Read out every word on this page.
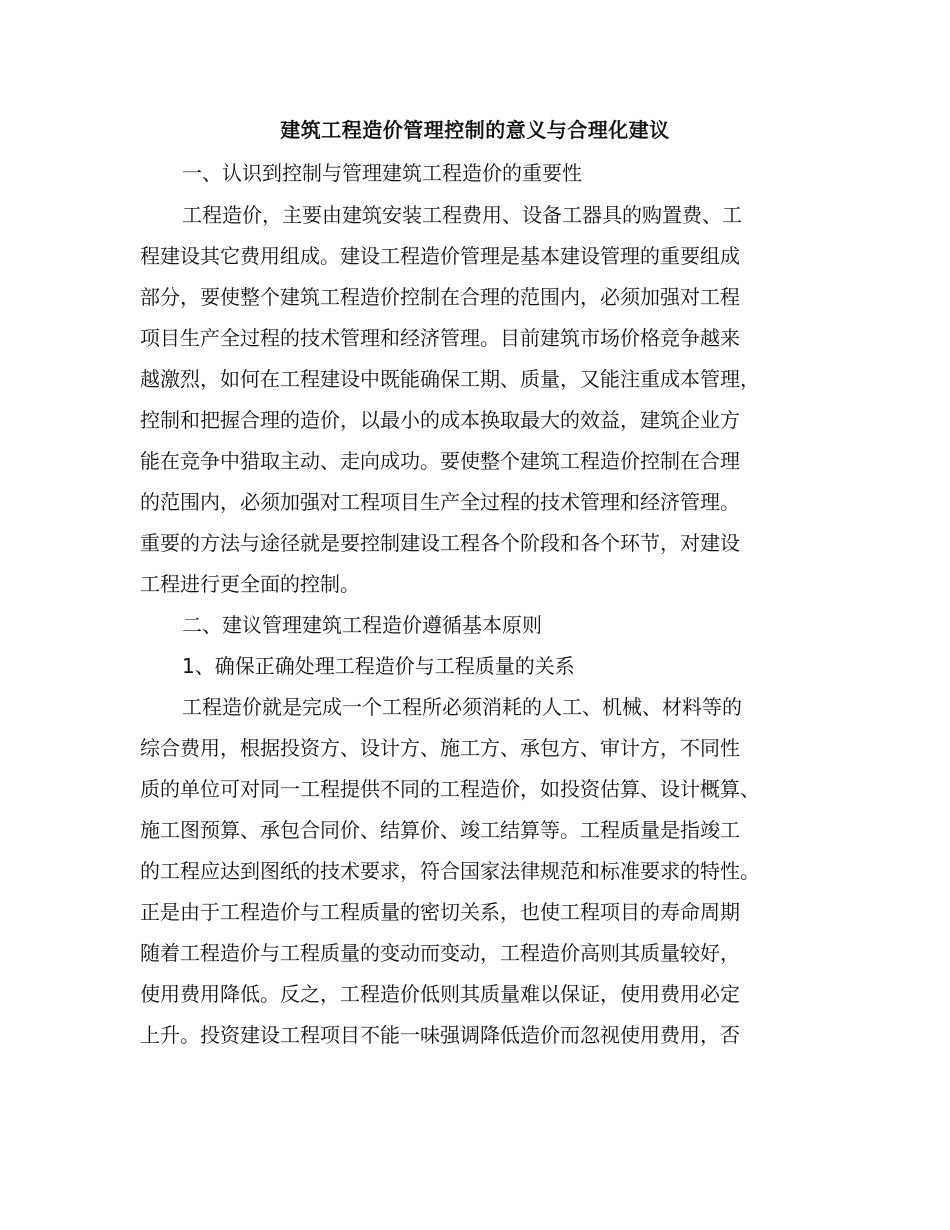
建筑工程造价管理控制的意义与合理化建议
一、认识到控制与管理建筑工程造价的重要性
工程造价，主要由建筑安装工程费用、设备工器具的购置费、工
程建设其它费用组成。建设工程造价管理是基本建设管理的重要组成
部分，要使整个建筑工程造价控制在合理的范围内，必须加强对工程
项目生产全过程的技术管理和经济管理。目前建筑市场价格竞争越来
越激烈，如何在工程建设中既能确保工期、质量，又能注重成本管理，
控制和把握合理的造价，以最小的成本换取最大的效益，建筑企业方
能在竞争中猎取主动、走向成功。要使整个建筑工程造价控制在合理
的范围内，必须加强对工程项目生产全过程的技术管理和经济管理。
重要的方法与途径就是要控制建设工程各个阶段和各个环节，对建设
工程进行更全面的控制。
二、建议管理建筑工程造价遵循基本原则
1、确保正确处理工程造价与工程质量的关系
工程造价就是完成一个工程所必须消耗的人工、机械、材料等的
综合费用，根据投资方、设计方、施工方、承包方、审计方，不同性
质的单位可对同一工程提供不同的工程造价，如投资估算、设计概算、
施工图预算、承包合同价、结算价、竣工结算等。工程质量是指竣工
的工程应达到图纸的技术要求，符合国家法律规范和标准要求的特性。
正是由于工程造价与工程质量的密切关系，也使工程项目的寿命周期
随着工程造价与工程质量的变动而变动，工程造价高则其质量较好，
使用费用降低。反之，工程造价低则其质量难以保证，使用费用必定
上升。投资建设工程项目不能一味强调降低造价而忽视使用费用，否
